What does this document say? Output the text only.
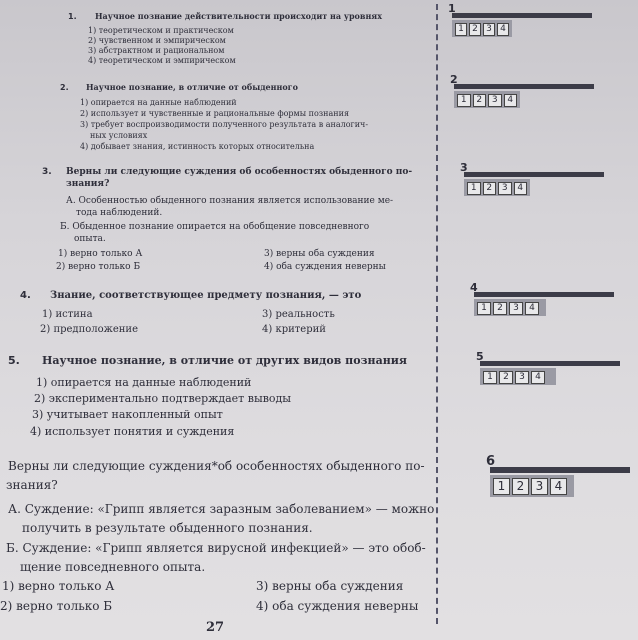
1. Научное познание действительности происходит на уровнях
1) теоретическом и практическом
2) чувственном и эмпирическом
3) абстрактном и рациональном
4) теоретическом и эмпирическом
2. Научное познание, в отличие от обыденного
1) опирается на данные наблюдений
2) использует и чувственные и рациональные формы познания
3) требует воспроизводимости полученного результата в аналогич-
ных условиях
4) добывает знания, истинность которых относительна
3. Верны ли следующие суждения об особенностях обыденного по-
знания?
А. Особенностью обыденного познания является использование ме-
тода наблюдений.
Б. Обыденное познание опирается на обобщение повседневного
опыта.
1) верно только А
2) верно только Б
3) верны оба суждения
4) оба суждения неверны
4. Знание, соответствующее предмету познания, — это
1) истина
2) предположение
3) реальность
4) критерий
5. Научное познание, в отличие от других видов познания
1) опирается на данные наблюдений
2) экспериментально подтверждает выводы
3) учитывает накопленный опыт
4) использует понятия и суждения
Верны ли следующие суждения*об особенностях обыденного по-
знания?
А. Суждение: «Грипп является заразным заболеванием» — можно
получить в результате обыденного познания.
Б. Суждение: «Грипп является вирусной инфекцией» — это обоб-
щение повседневного опыта.
1) верно только А
2) верно только Б
3) верны оба суждения
4) оба суждения неверны
1
1 2 3 4
2
1	2	3	4
3
1	2	3	4
4
1	2	3	4
5
1	2	3	4
6
1 2 3 4
27
